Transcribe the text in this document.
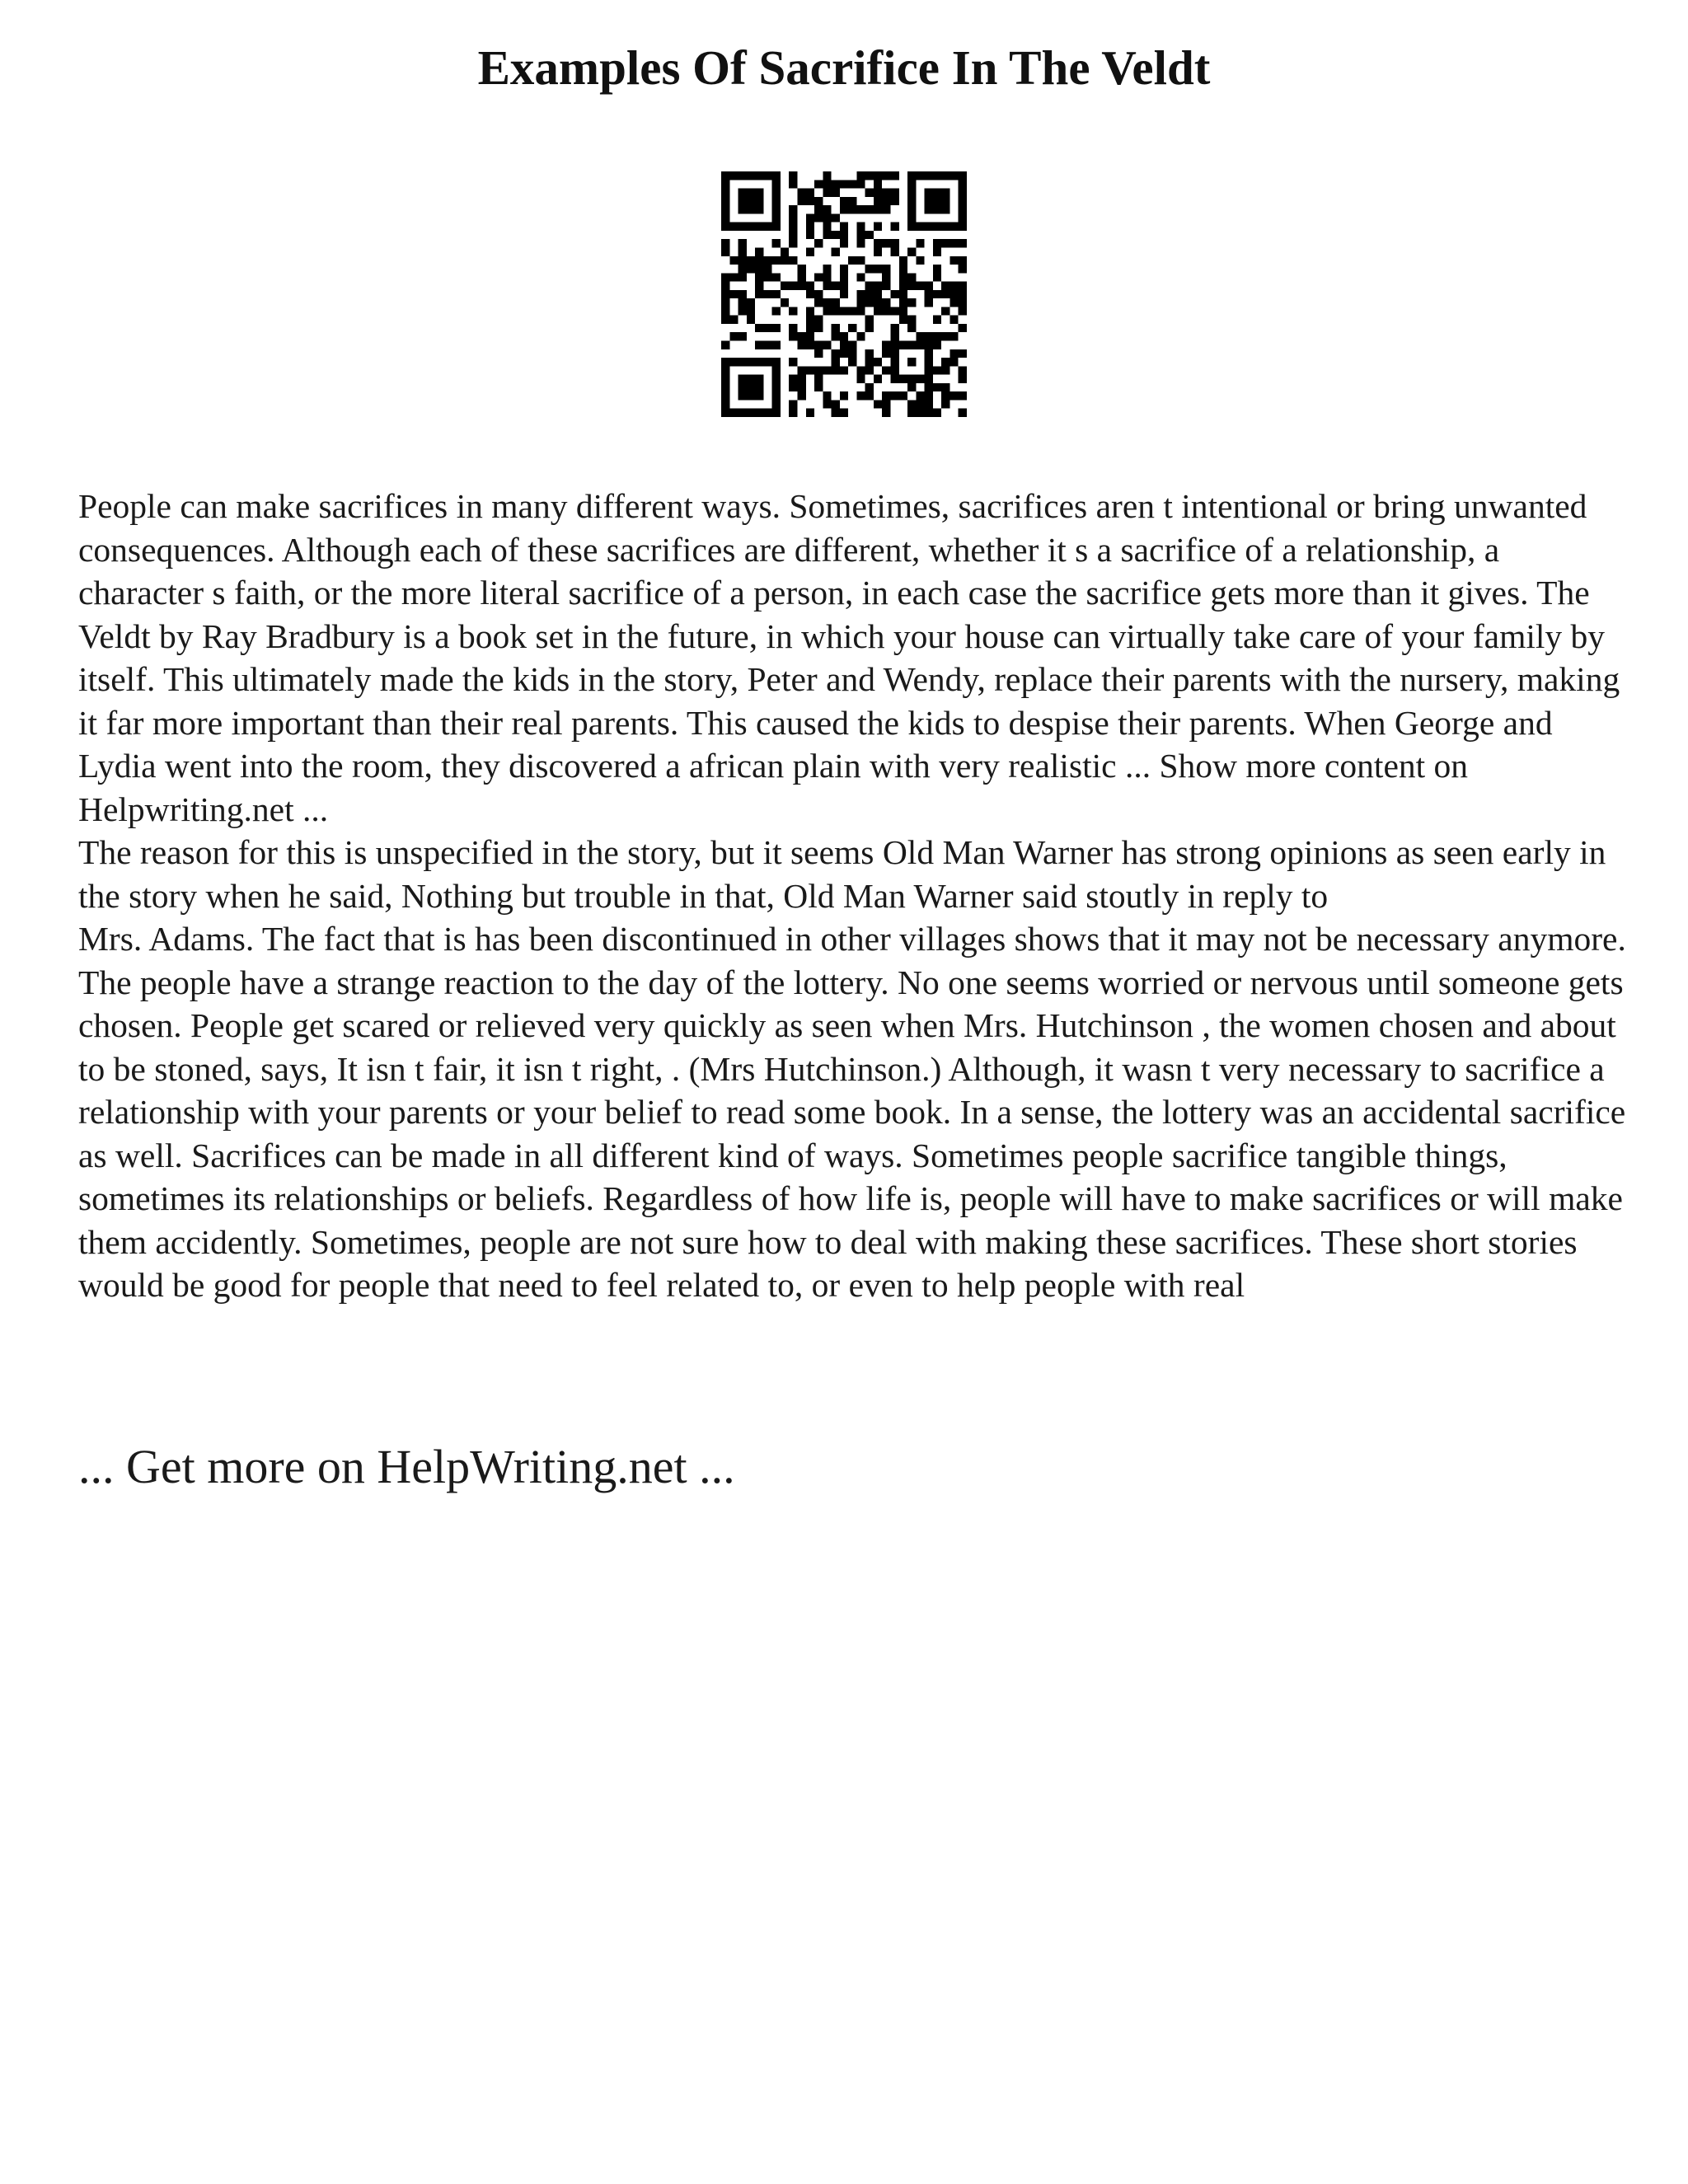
Examples Of Sacrifice In The Veldt

People can make sacrifices in many different ways. Sometimes, sacrifices aren t intentional or bring unwanted consequences. Although each of these sacrifices are different, whether it s a sacrifice of a relationship, a character s faith, or the more literal sacrifice of a person, in each case the sacrifice gets more than it gives. The Veldt by Ray Bradbury is a book set in the future, in which your house can virtually take care of your family by itself. This ultimately made the kids in the story, Peter and Wendy, replace their parents with the nursery, making it far more important than their real parents. This caused the kids to despise their parents. When George and Lydia went into the room, they discovered a african plain with very realistic ... Show more content on Helpwriting.net ...

The reason for this is unspecified in the story, but it seems Old Man Warner has strong opinions as seen early in the story when he said, Nothing but trouble in that, Old Man Warner said stoutly in reply to

Mrs. Adams. The fact that is has been discontinued in other villages shows that it may not be necessary anymore. The people have a strange reaction to the day of the lottery. No one seems worried or nervous until someone gets chosen. People get scared or relieved very quickly as seen when Mrs. Hutchinson , the women chosen and about to be stoned, says, It isn t fair, it isn t right, . (Mrs Hutchinson.) Although, it wasn t very necessary to sacrifice a relationship with your parents or your belief to read some book. In a sense, the lottery was an accidental sacrifice as well. Sacrifices can be made in all different kind of ways. Sometimes people sacrifice tangible things, sometimes its relationships or beliefs. Regardless of how life is, people will have to make sacrifices or will make them accidently. Sometimes, people are not sure how to deal with making these sacrifices. These short stories would be good for people that need to feel related to, or even to help people with real

... Get more on HelpWriting.net ...
